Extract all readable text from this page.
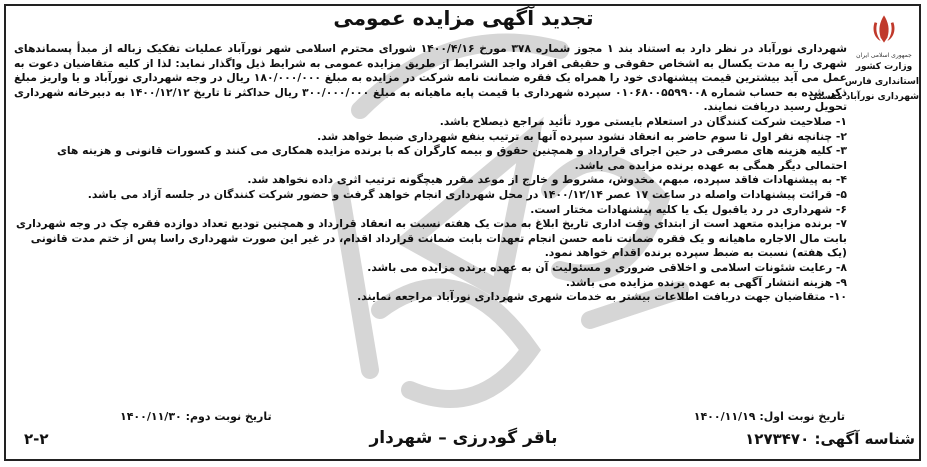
جمهوری اسلامی ایران
وزارت کشور
استانداری فارس
شهرداری نورآباد ممسنی
تجدید آگهی مزایده عمومی

شهرداری نورآباد در نظر دارد به استناد بند ۱ مجوز شماره ۳۷۸ مورخ ۱۴۰۰/۴/۱۶ شورای محترم اسلامی شهر نورآباد عملیات تفکیک زباله از مبدأ پسماندهای شهری را به مدت یکسال به اشخاص حقوقی و حقیقی افراد واجد الشرایط از طریق مزایده عمومی به شرایط ذیل واگذار نماید: لذا از کلیه متقاضیان دعوت به عمل می آید بیشترین قیمت پیشنهادی خود را همراه یک فقره ضمانت نامه شرکت در مزایده به مبلغ ۱۸۰/۰۰۰/۰۰۰ ریال در وجه شهرداری نورآباد و یا واریز مبلغ ذکر شده به حساب شماره ۰۱۰۶۸۰۰۵۵۹۹۰۰۸ سپرده شهرداری با قیمت پایه ماهیانه به مبلغ ۳۰۰/۰۰۰/۰۰۰ ریال حداکثر تا تاریخ ۱۴۰۰/۱۲/۱۲ به دبیرخانه شهرداری تحویل رسید دریافت نمایند.

۱- صلاحیت شرکت کنندگان در استعلام بایستی مورد تأئید مراجع ذیصلاح باشد.

۲- چنانچه نفر اول تا سوم حاضر به انعقاد نشود سپرده آنها به ترتیب بنفع شهرداری ضبط خواهد شد.

۳- کلیه هزینه های مصرفی در حین اجرای قرارداد و همچنین حقوق و بیمه کارگران که با برنده مزایده همکاری می کنند و کسورات قانونی و هزینه های احتمالی دیگر همگی به عهده برنده مزایده می باشد.

۴- به پیشنهادات فاقد سپرده، مبهم، مخدوش، مشروط و خارج از موعد مقرر هیچگونه ترتیب اثری داده نخواهد شد.

۵- قرائت پیشنهادات واصله در ساعت ۱۷ عصر ۱۴۰۰/۱۲/۱۴ در محل شهرداری انجام خواهد گرفت و حضور شرکت کنندگان در جلسه آزاد می باشد.

۶- شهرداری در رد یاقبول یک یا کلیه پیشنهادات مختار است.

۷- برنده مزایده متعهد است از ابتدای وقت اداری تاریخ ابلاغ به مدت یک هفته نسبت به انعقاد قرارداد و همچنین تودیع تعداد دوازده فقره چک در وجه شهرداری بابت مال الاجاره ماهیانه و یک فقره ضمانت نامه حسن انجام تعهدات بابت ضمانت قرارداد اقدام، در غیر این صورت شهرداری راسا پس از ختم مدت قانونی (یک هفته) نسبت به ضبط سپرده برنده اقدام خواهد نمود.

۸- رعایت شئونات اسلامی و اخلاقی ضروری و مسئولیت آن به عهده برنده مزایده می باشد.

۹- هزینه انتشار آگهی به عهده برنده مزایده می باشد.

۱۰- متقاضیان جهت دریافت اطلاعات بیشتر به خدمات شهری شهرداری نورآباد مراجعه نمایند.

تاریخ نوبت اول: ۱۴۰۰/۱۱/۱۹
تاریخ نوبت دوم: ۱۴۰۰/۱۱/۳۰
شناسه آگهی: ۱۲۷۳۴۷۰
باقر گودرزی – شهردار
۲-۲
